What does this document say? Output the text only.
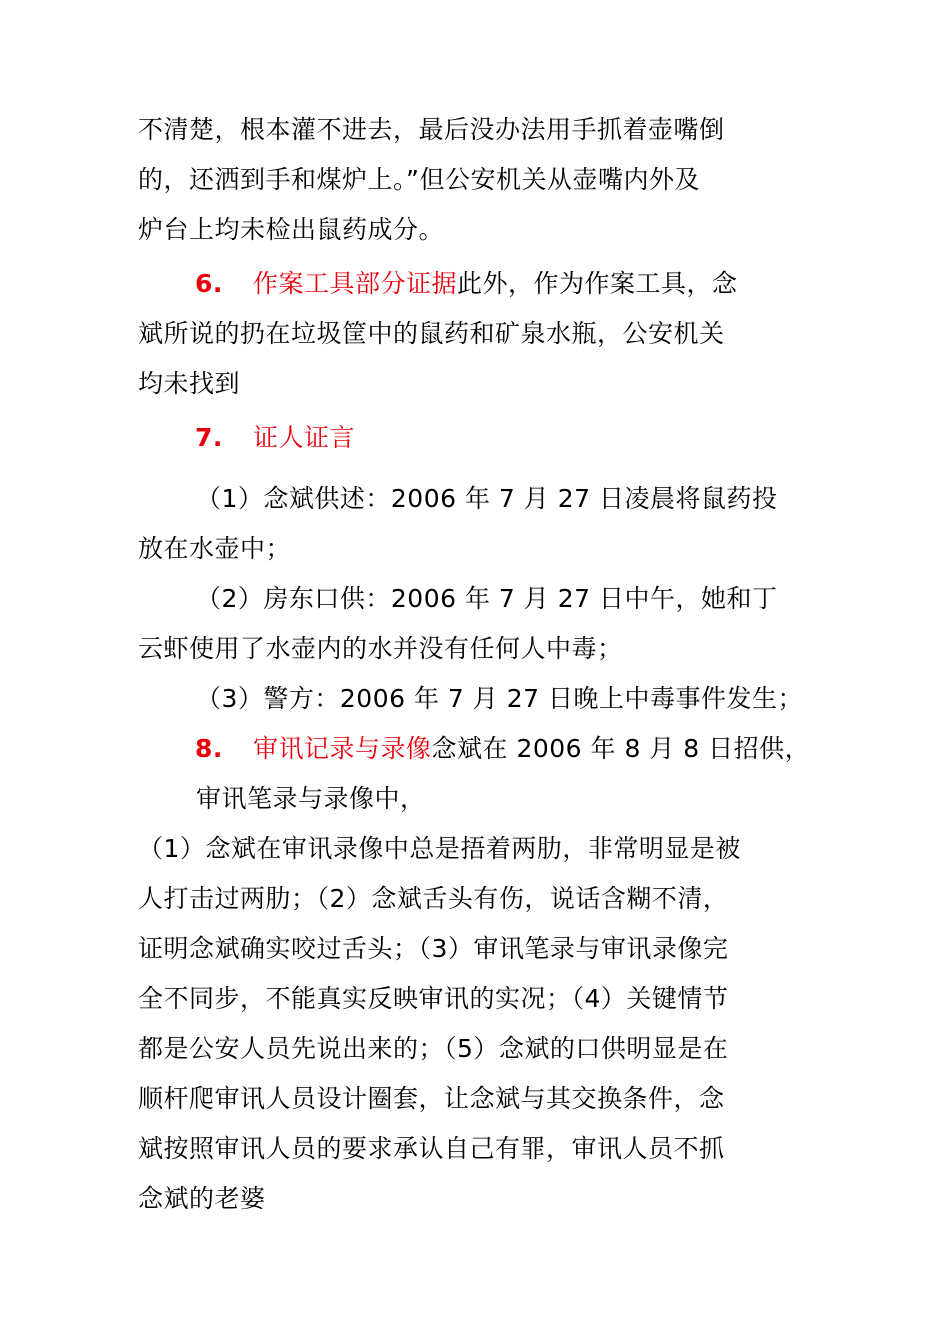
不清楚，根本灌不进去，最后没办法用手抓着壶嘴倒
的，还洒到手和煤炉上。”但公安机关从壶嘴内外及
炉台上均未检出鼠药成分。
6. 作案工具部分证据此外，作为作案工具，念
斌所说的扔在垃圾筐中的鼠药和矿泉水瓶，公安机关
均未找到
7. 证人证言
（1）念斌供述：2006 年 7 月 27 日凌晨将鼠药投
放在水壶中；
（2）房东口供：2006 年 7 月 27 日中午，她和丁
云虾使用了水壶内的水并没有任何人中毒；
（3）警方：2006 年 7 月 27 日晚上中毒事件发生；
8. 审讯记录与录像念斌在 2006 年 8 月 8 日招供，
审讯笔录与录像中，
（1）念斌在审讯录像中总是捂着两肋，非常明显是被
人打击过两肋；（2）念斌舌头有伤，说话含糊不清，
证明念斌确实咬过舌头；（3）审讯笔录与审讯录像完
全不同步，不能真实反映审讯的实况；（4）关键情节
都是公安人员先说出来的；（5）念斌的口供明显是在
顺杆爬审讯人员设计圈套，让念斌与其交换条件，念
斌按照审讯人员的要求承认自己有罪，审讯人员不抓
念斌的老婆
